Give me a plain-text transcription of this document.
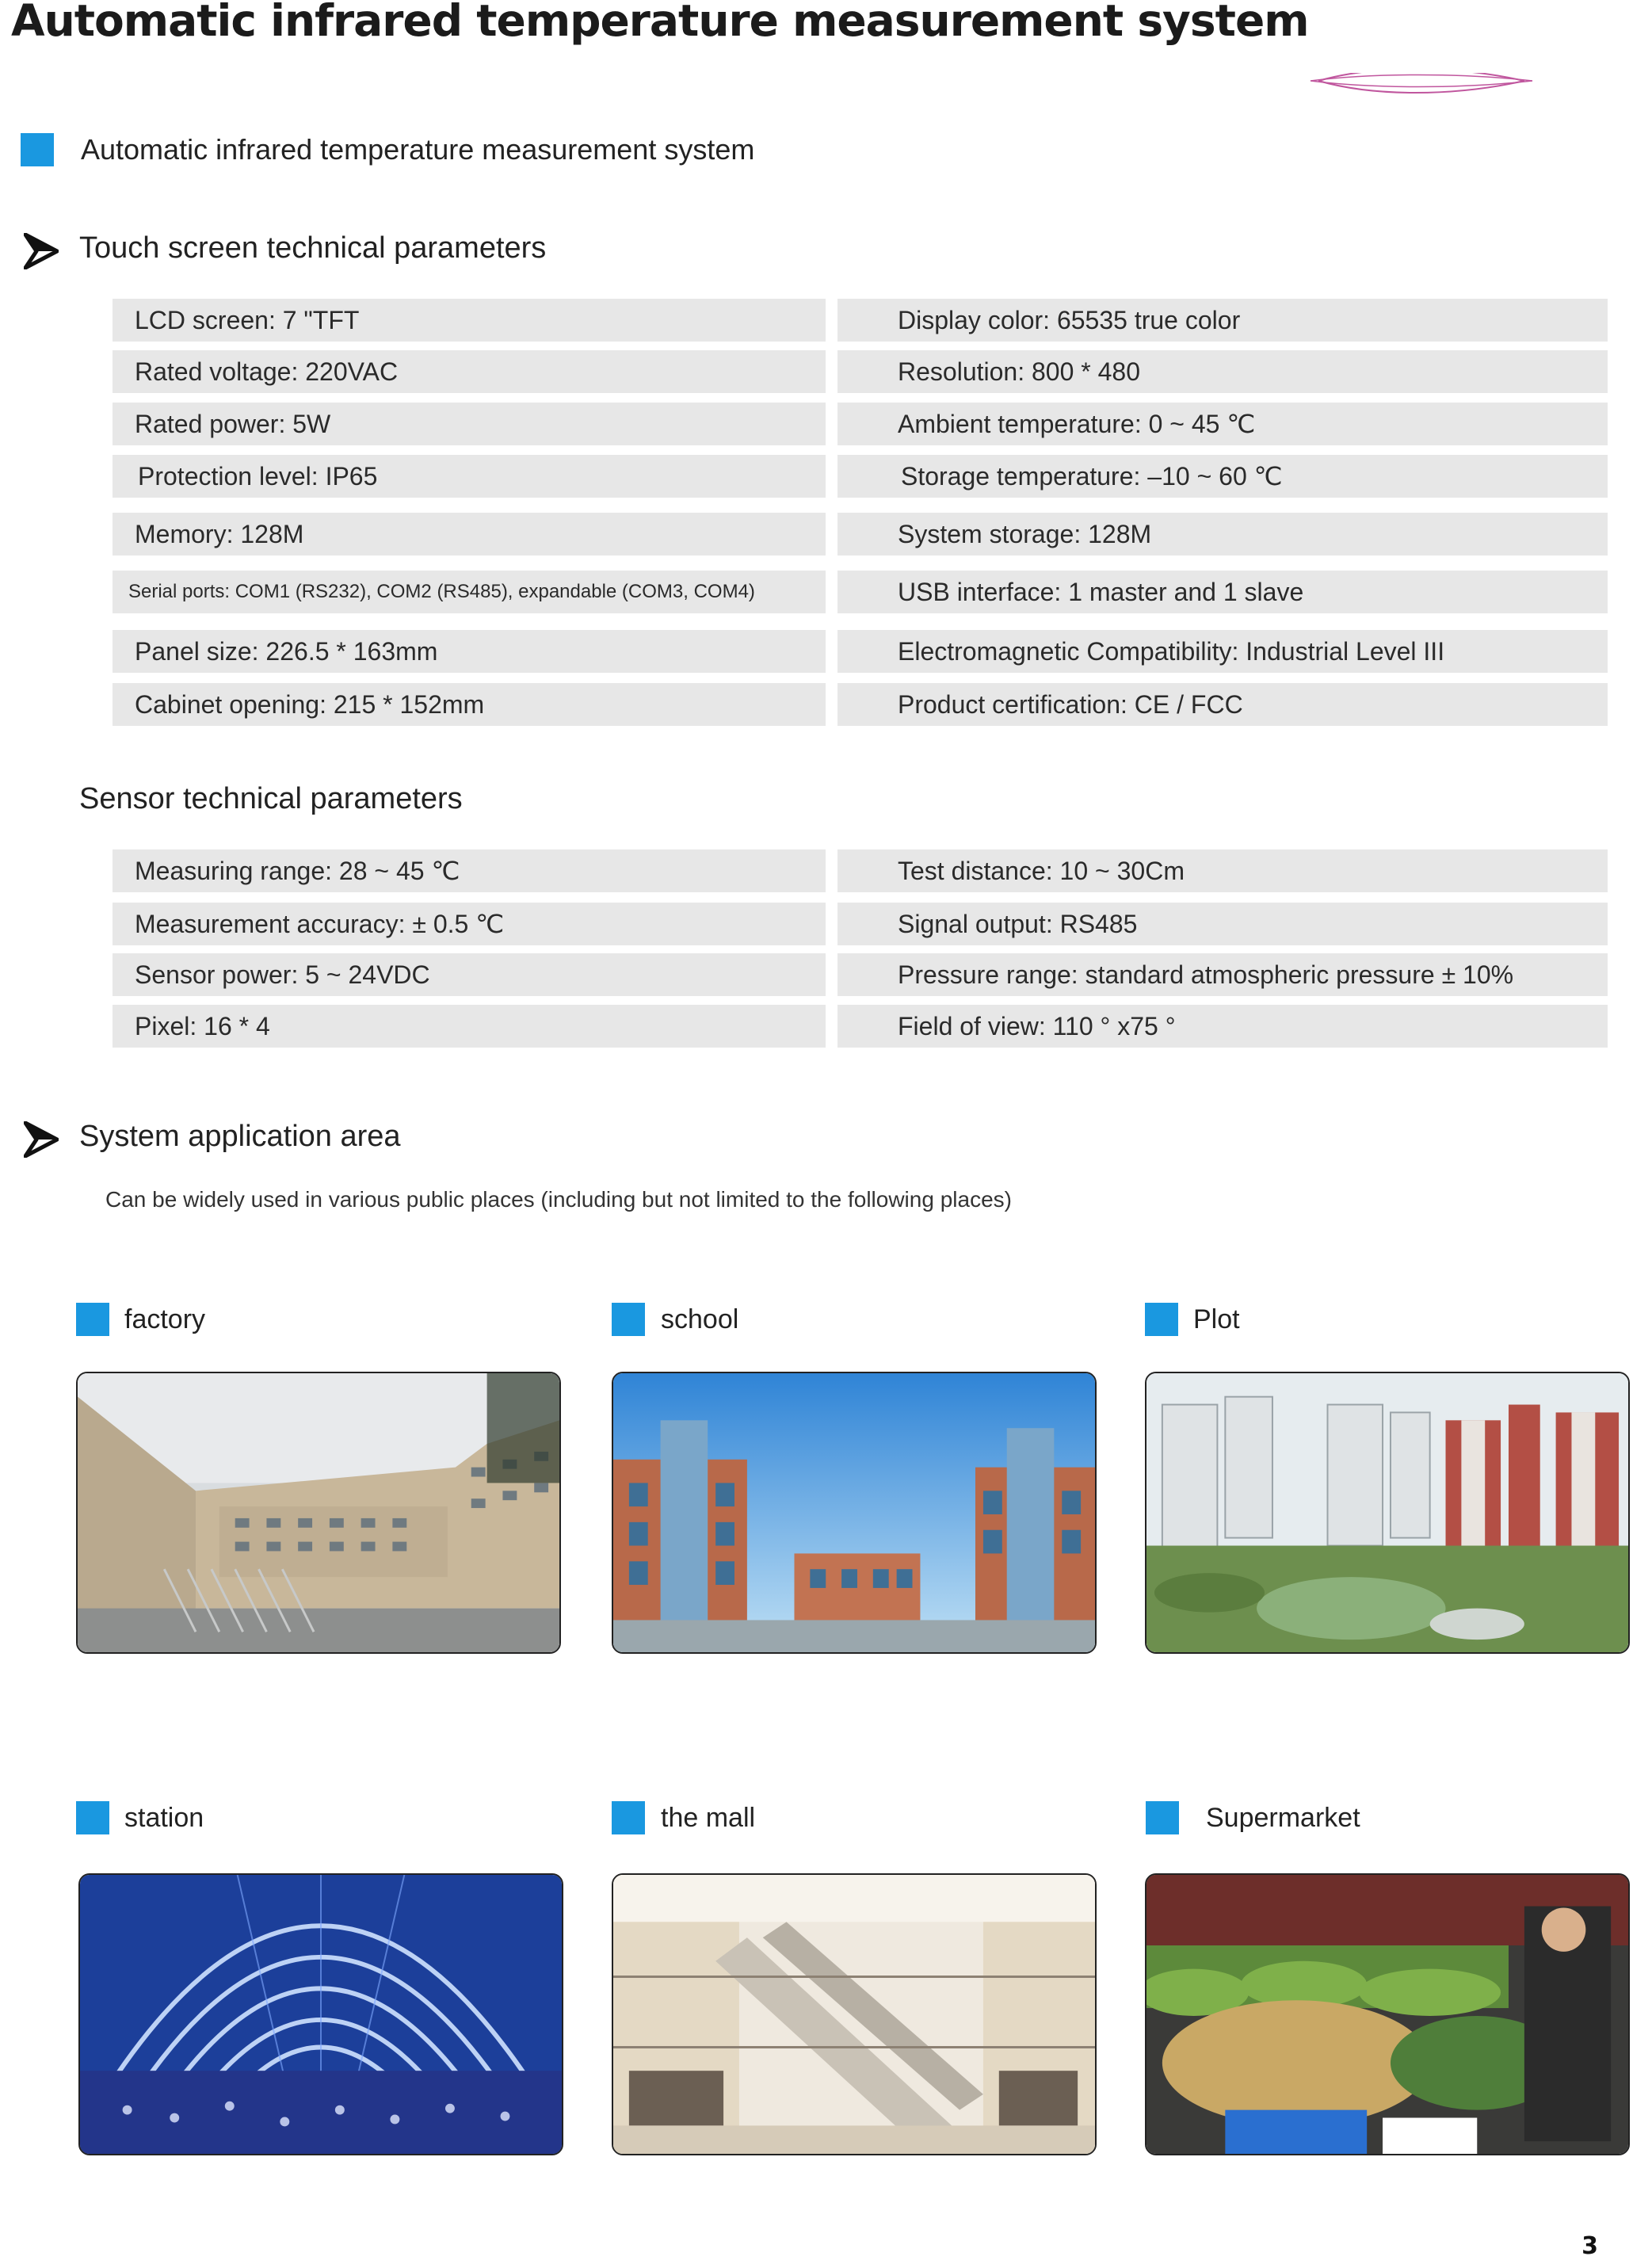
Automatic infrared temperature measurement system
Automatic infrared temperature measurement system
Touch screen technical parameters
LCD screen: 7 "TFT	Display color: 65535 true color
Rated voltage: 220VAC	Resolution: 800 * 480
Rated power: 5W	Ambient temperature: 0 ~ 45 ℃
Protection level: IP65	Storage temperature: –10 ~ 60 ℃
Memory: 128M	System storage: 128M
Serial ports: COM1 (RS232), COM2 (RS485), expandable (COM3, COM4)	USB interface: 1 master and 1 slave
Panel size: 226.5 * 163mm	Electromagnetic Compatibility: Industrial Level III
Cabinet opening: 215 * 152mm	Product certification: CE / FCC
Sensor technical parameters
Measuring range: 28 ~ 45 ℃	Test distance: 10 ~ 30Cm
Measurement accuracy: ± 0.5 ℃	Signal output: RS485
Sensor power: 5 ~ 24VDC	Pressure range: standard atmospheric pressure ± 10%
Pixel: 16 * 4	Field of view: 110 ° x75 °
System application area
Can be widely used in various public places (including but not limited to the following places)
factory	school	Plot
station	the mall	Supermarket
3
